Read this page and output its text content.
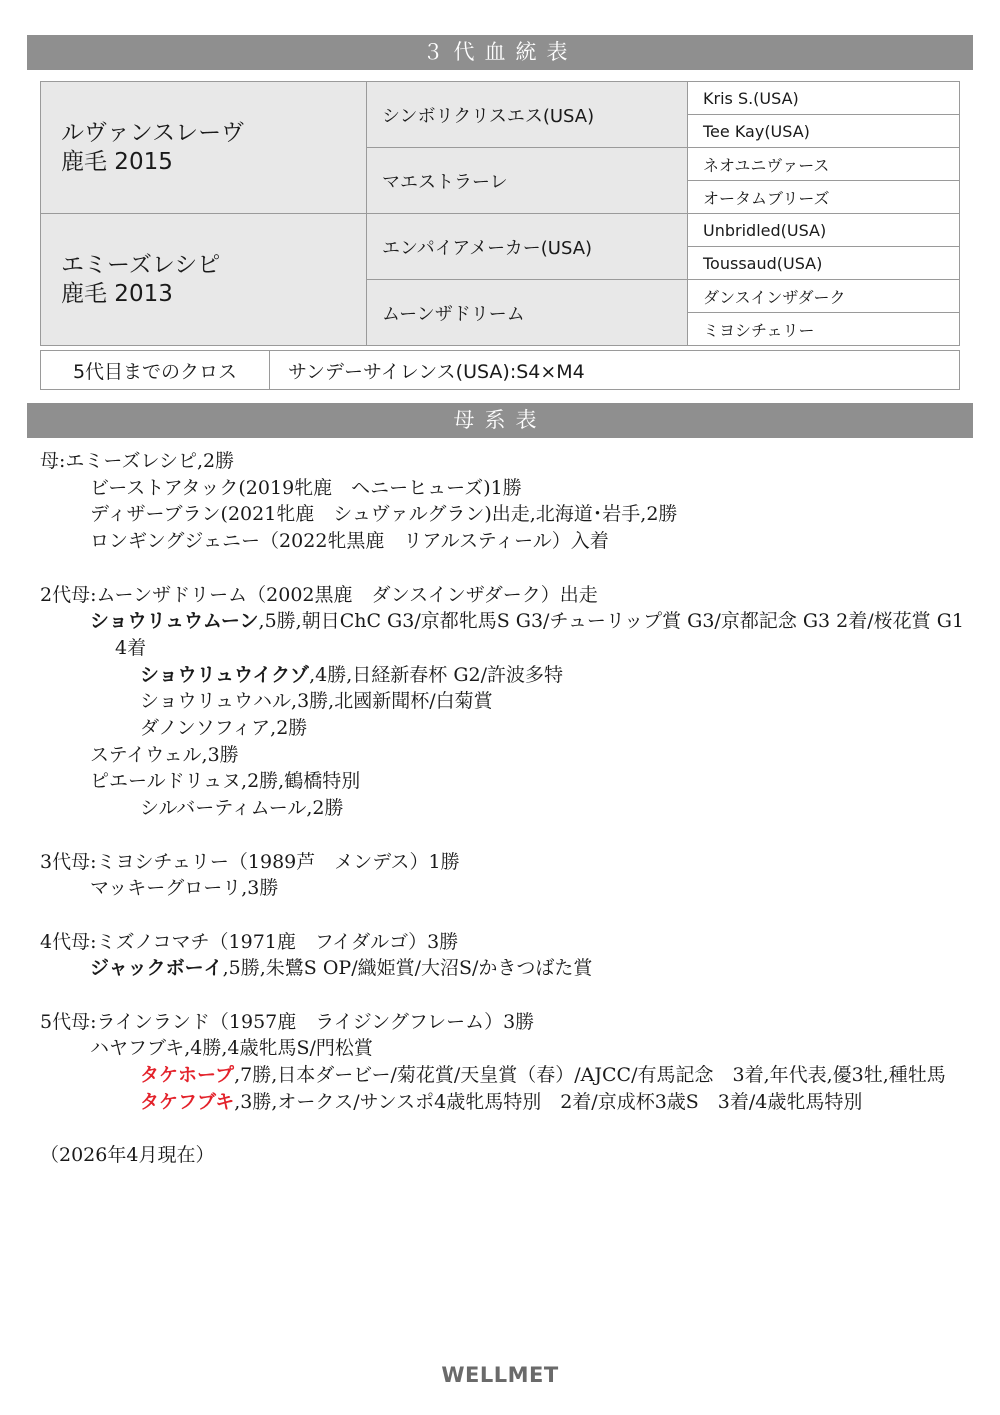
３代血統表
ルヴァンスレーヴ
鹿毛 2015	シンボリクリスエス(USA)	Kris S.(USA)
		Tee Kay(USA)
	マエストラーレ	ネオユニヴァース
		オータムブリーズ

エミーズレシピ
鹿毛 2013	エンパイアメーカー(USA)	Unbridled(USA)
		Toussaud(USA)
	ムーンザドリーム	ダンスインザダーク
		ミヨシチェリー
5代目までのクロス	サンデーサイレンス(USA):S4×M4
母系表
母:エミーズレシピ,2勝
ビーストアタック(2019牝鹿　ヘニーヒューズ)1勝
ディザーブラン(2021牝鹿　シュヴァルグラン)出走,北海道･岩手,2勝
ロンギングジェニー（2022牝黒鹿　リアルスティール）入着
2代母:ムーンザドリーム（2002黒鹿　ダンスインザダーク）出走
ショウリュウムーン,5勝,朝日ChC G3/京都牝馬S G3/チューリップ賞 G3/京都記念 G3 2着/桜花賞 G1 4着
ショウリュウイクゾ,4勝,日経新春杯 G2/許波多特
ショウリュウハル,3勝,北國新聞杯/白菊賞
ダノンソフィア,2勝
ステイウェル,3勝
ピエールドリュヌ,2勝,鶴橋特別
シルバーティムール,2勝
3代母:ミヨシチェリー（1989芦　メンデス）1勝
マッキーグローリ,3勝
4代母:ミズノコマチ（1971鹿　フイダルゴ）3勝
ジャックボーイ,5勝,朱鷺S OP/織姫賞/大沼S/かきつばた賞
5代母:ラインランド（1957鹿　ライジングフレーム）3勝
ハヤフブキ,4勝,4歳牝馬S/門松賞
タケホープ,7勝,日本ダービー/菊花賞/天皇賞（春）/AJCC/有馬記念　3着,年代表,優3牡,種牡馬
タケフブキ,3勝,オークス/サンスポ4歳牝馬特別　2着/京成杯3歳S　3着/4歳牝馬特別
（2026年4月現在）
WELLMET
